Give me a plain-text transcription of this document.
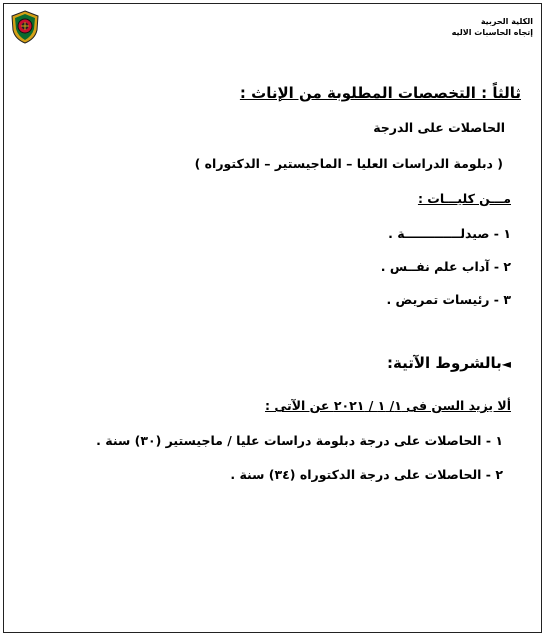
الكلية الحربية
إتجاه الحاسبات الاليه
ثالثاً : التخصصات المطلوبة من الإناث :
الحاصلات على الدرجة
( دبلومة الدراسات العليا – الماجيستير – الدكتوراه )
مـــن كليـــات :
١ - صيدلـــــــــــــة .
٢ - آداب علم نفــس .
٣ - رئيسات تمريض .
◄بالشروط الآتية:
ألا يزيد السن فى ١/ ١ / ٢٠٢١ عن الآتى :
١ - الحاصلات على درجة دبلومة دراسات عليا / ماجيستير (٣٠) سنة .
٢ - الحاصلات على درجة الدكتوراه (٣٤) سنة .
